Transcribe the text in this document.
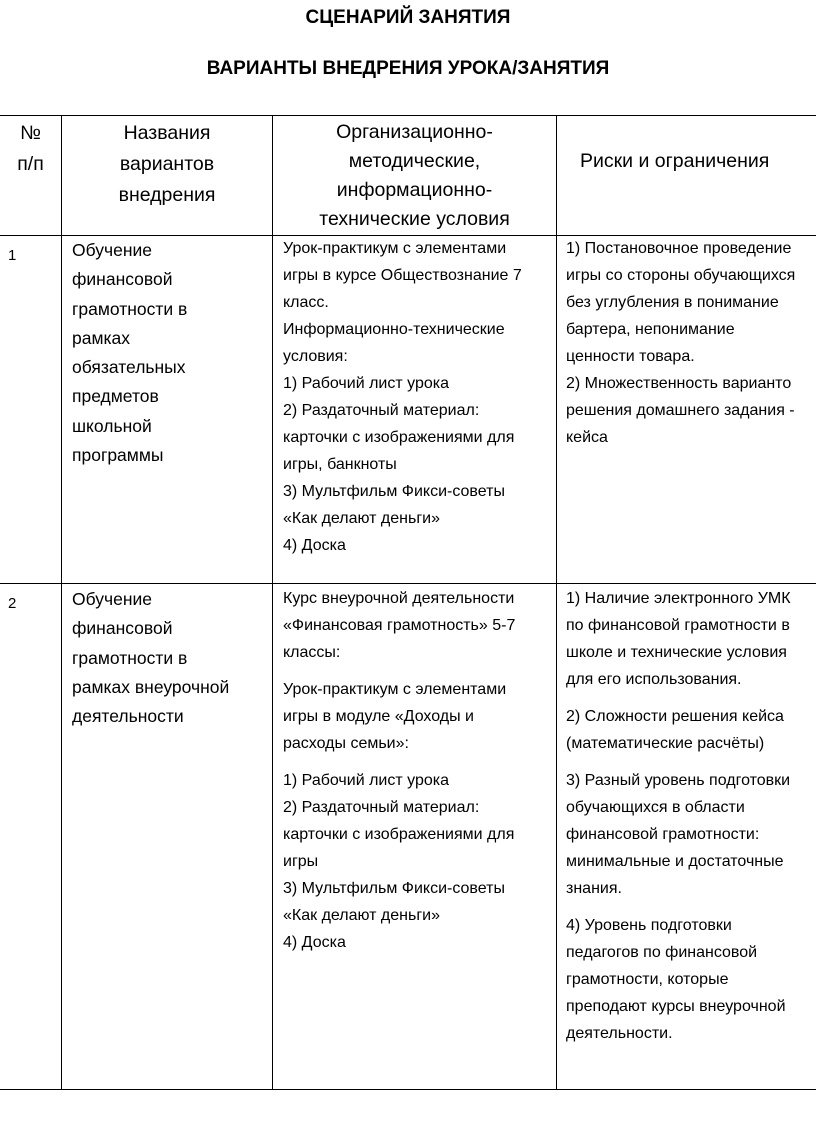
СЦЕНАРИЙ ЗАНЯТИЯ
ВАРИАНТЫ ВНЕДРЕНИЯ УРОКА/ЗАНЯТИЯ
№
п/п
Названия
вариантов
внедрения
Организационно-
методические,
информационно-
технические условия
Риски и ограничения
1	Обучение
финансовой
грамотности в
рамках
обязательных
предметов
школьной
программы
Урок-практикум с элементами
игры в курсе Обществознание 7
класс.
Информационно-технические
условия:
1) Рабочий лист урока
2) Раздаточный материал:
карточки с изображениями для
игры, банкноты
3) Мультфильм Фикси-советы
«Как делают деньги»
4) Доска
1) Постановочное проведение
игры со стороны обучающихся
без углубления в понимание
бартера, непонимание
ценности товара.
2) Множественность варианто
решения домашнего задания -
кейса
2	Обучение
финансовой
грамотности в
рамках внеурочной
деятельности
Курс внеурочной деятельности
«Финансовая грамотность» 5-7
классы:
Урок-практикум с элементами
игры в модуле «Доходы и
расходы семьи»:
1) Рабочий лист урока
2) Раздаточный материал:
карточки с изображениями для
игры
3) Мультфильм Фикси-советы
«Как делают деньги»
4) Доска
1) Наличие электронного УМК
по финансовой грамотности в
школе и технические условия
для его использования.
2) Сложности решения кейса
(математические расчёты)
3) Разный уровень подготовки
обучающихся в области
финансовой грамотности:
минимальные и достаточные
знания.
4) Уровень подготовки
педагогов по финансовой
грамотности, которые
преподают курсы внеурочной
деятельности.
